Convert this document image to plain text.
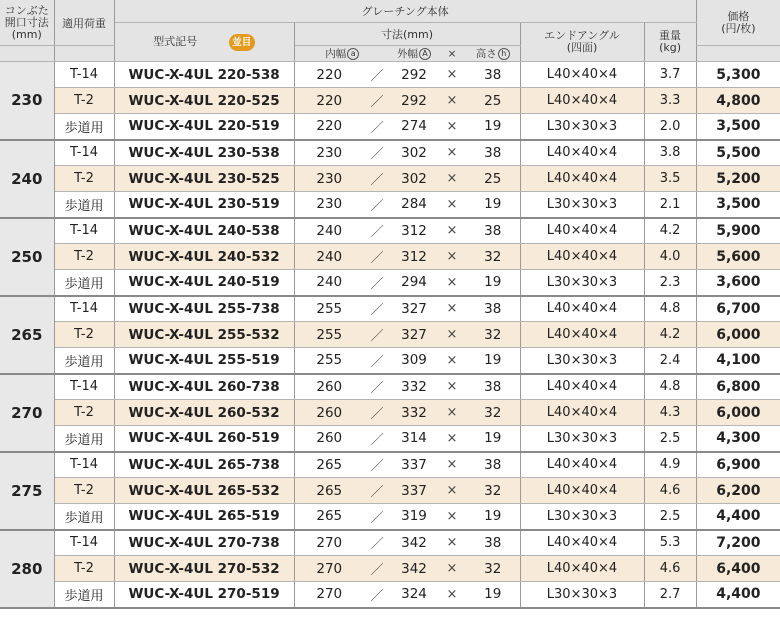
コンぶた
開口寸法
(mm)	適用荷重	グレーチング本体								価格
(円/枚)

		型式記号 並目	寸法(mm)					エンドアングル
(四面)	重量
(kg)	

			内幅 a		外幅 A	×	高さ h			
230	T-14	WUC-X-4UL 220-538	220	／	292	×	38	L40×40×4	3.7	5,300
	T-2	WUC-X-4UL 220-525	220	／	292	×	25	L40×40×4	3.3	4,800
	歩道用	WUC-X-4UL 220-519	220	／	274	×	19	L30×30×3	2.0	3,500
240	T-14	WUC-X-4UL 230-538	230	／	302	×	38	L40×40×4	3.8	5,500
	T-2	WUC-X-4UL 230-525	230	／	302	×	25	L40×40×4	3.5	5,200
	歩道用	WUC-X-4UL 230-519	230	／	284	×	19	L30×30×3	2.1	3,500
250	T-14	WUC-X-4UL 240-538	240	／	312	×	38	L40×40×4	4.2	5,900
	T-2	WUC-X-4UL 240-532	240	／	312	×	32	L40×40×4	4.0	5,600
	歩道用	WUC-X-4UL 240-519	240	／	294	×	19	L30×30×3	2.3	3,600
265	T-14	WUC-X-4UL 255-738	255	／	327	×	38	L40×40×4	4.8	6,700
	T-2	WUC-X-4UL 255-532	255	／	327	×	32	L40×40×4	4.2	6,000
	歩道用	WUC-X-4UL 255-519	255	／	309	×	19	L30×30×3	2.4	4,100
270	T-14	WUC-X-4UL 260-738	260	／	332	×	38	L40×40×4	4.8	6,800
	T-2	WUC-X-4UL 260-532	260	／	332	×	32	L40×40×4	4.3	6,000
	歩道用	WUC-X-4UL 260-519	260	／	314	×	19	L30×30×3	2.5	4,300
275	T-14	WUC-X-4UL 265-738	265	／	337	×	38	L40×40×4	4.9	6,900
	T-2	WUC-X-4UL 265-532	265	／	337	×	32	L40×40×4	4.6	6,200
	歩道用	WUC-X-4UL 265-519	265	／	319	×	19	L30×30×3	2.5	4,400
280	T-14	WUC-X-4UL 270-738	270	／	342	×	38	L40×40×4	5.3	7,200
	T-2	WUC-X-4UL 270-532	270	／	342	×	32	L40×40×4	4.6	6,400
	歩道用	WUC-X-4UL 270-519	270	／	324	×	19	L30×30×3	2.7	4,400
